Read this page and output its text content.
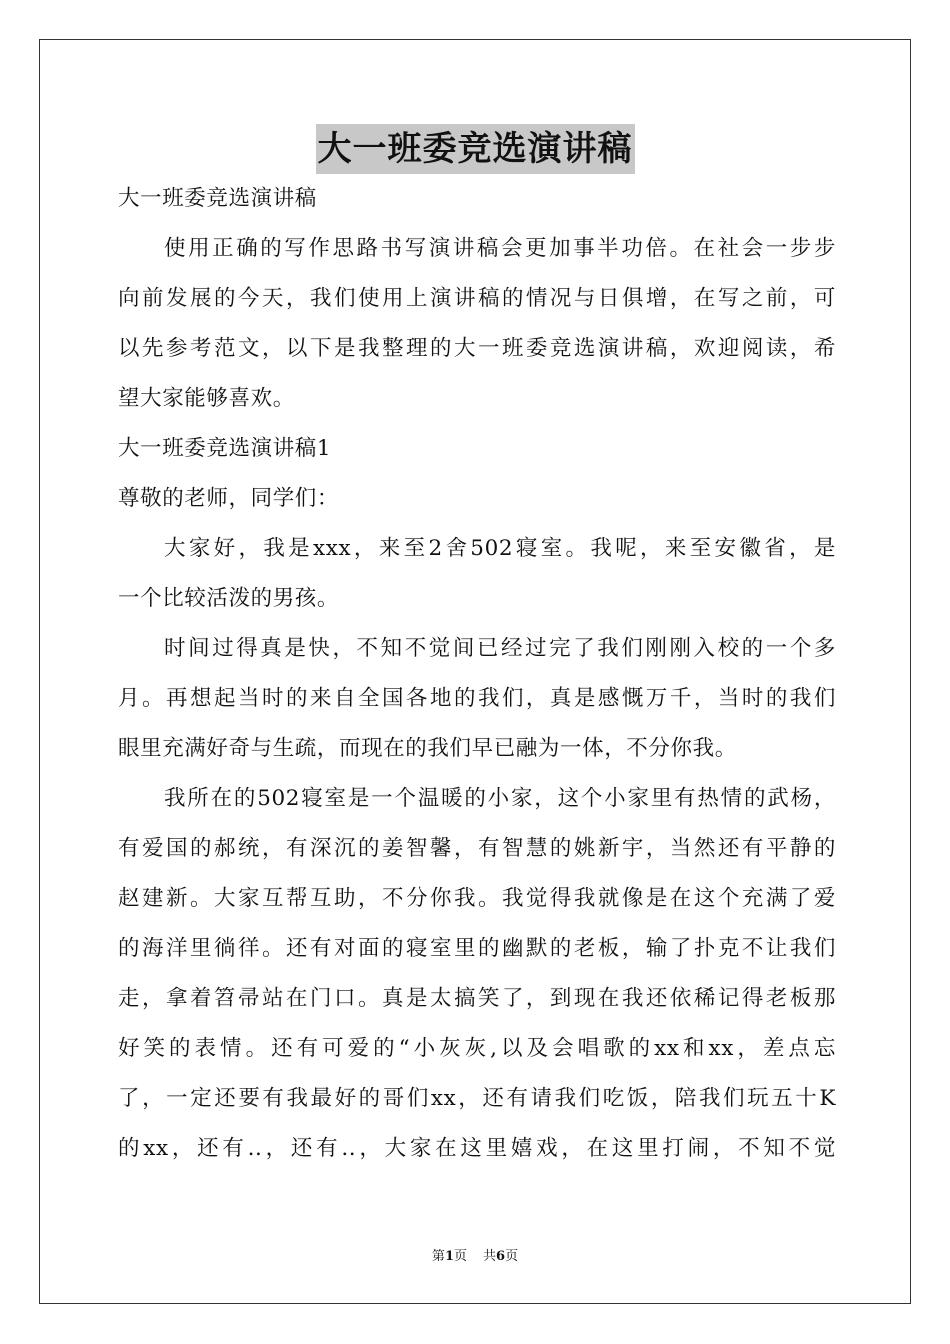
大一班委竞选演讲稿
大一班委竞选演讲稿
使用正确的写作思路书写演讲稿会更加事半功倍。在社会一步步
向前发展的今天，我们使用上演讲稿的情况与日俱增，在写之前，可
以先参考范文，以下是我整理的大一班委竞选演讲稿，欢迎阅读，希
望大家能够喜欢。
大一班委竞选演讲稿1
尊敬的老师，同学们：
大家好，我是xxx，来至2舍502寝室。我呢，来至安徽省，是
一个比较活泼的男孩。
时间过得真是快，不知不觉间已经过完了我们刚刚入校的一个多
月。再想起当时的来自全国各地的我们，真是感慨万千，当时的我们
眼里充满好奇与生疏，而现在的我们早已融为一体，不分你我。
我所在的502寝室是一个温暖的小家，这个小家里有热情的武杨，
有爱国的郝统，有深沉的姜智馨，有智慧的姚新宇，当然还有平静的
赵建新。大家互帮互助，不分你我。我觉得我就像是在这个充满了爱
的海洋里徜徉。还有对面的寝室里的幽默的老板，输了扑克不让我们
走，拿着笤帚站在门口。真是太搞笑了，到现在我还依稀记得老板那
好笑的表情。还有可爱的“小灰灰,以及会唱歌的xx和xx，差点忘
了，一定还要有我最好的哥们xx，还有请我们吃饭，陪我们玩五十K
的xx，还有..，还有..，大家在这里嬉戏，在这里打闹，不知不觉
第1页 共6页
